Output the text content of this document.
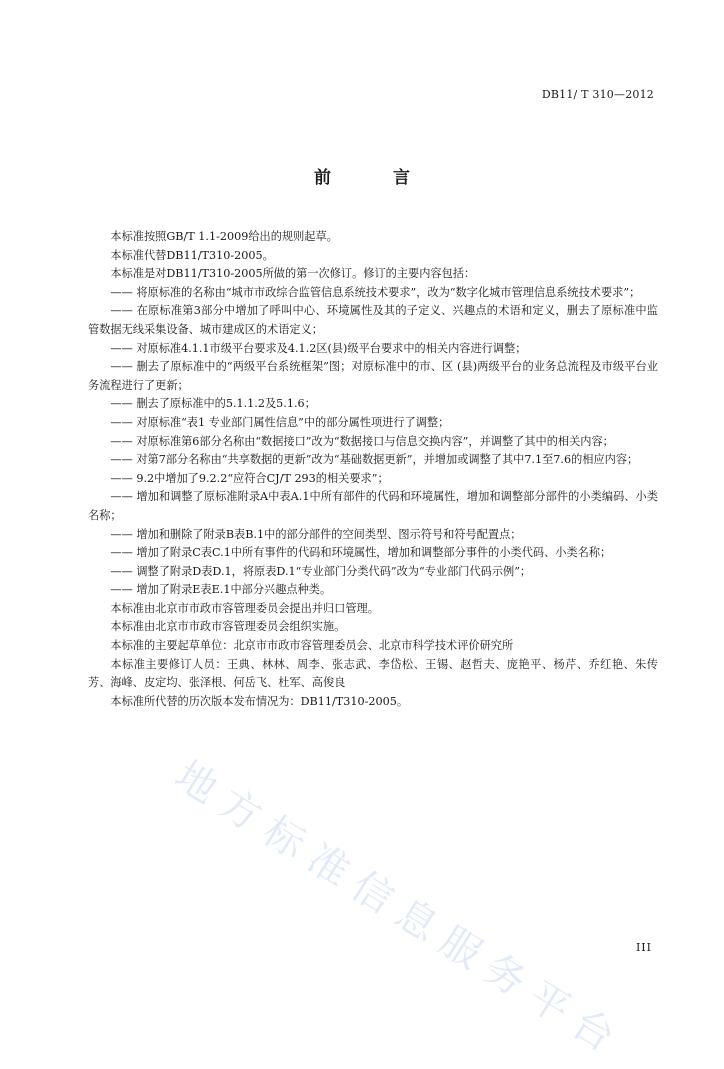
DB11/ T 310—2012
前 言

本标准按照GB/T 1.1-2009给出的规则起草。

本标准代替DB11/T310-2005。

本标准是对DB11/T310-2005所做的第一次修订。修订的主要内容包括：

—— 将原标准的名称由“城市市政综合监管信息系统技术要求”，改为“数字化城市管理信息系统技术要求”；

—— 在原标准第3部分中增加了呼叫中心、环境属性及其的子定义、兴趣点的术语和定义，删去了原标准中监管数据无线采集设备、城市建成区的术语定义；

—— 对原标准4.1.1市级平台要求及4.1.2区(县)级平台要求中的相关内容进行调整；

—— 删去了原标准中的“两级平台系统框架”图；对原标准中的市、区 (县)两级平台的业务总流程及市级平台业务流程进行了更新；

—— 删去了原标准中的5.1.1.2及5.1.6；

—— 对原标准“表1 专业部门属性信息”中的部分属性项进行了调整；

—— 对原标准第6部分名称由“数据接口”改为“数据接口与信息交换内容”，并调整了其中的相关内容；

—— 对第7部分名称由“共享数据的更新”改为“基础数据更新”，并增加或调整了其中7.1至7.6的相应内容；

—— 9.2中增加了9.2.2“应符合CJ/T 293的相关要求”；

—— 增加和调整了原标准附录A中表A.1中所有部件的代码和环境属性，增加和调整部分部件的小类编码、小类名称；

—— 增加和删除了附录B表B.1中的部分部件的空间类型、图示符号和符号配置点；

—— 增加了附录C表C.1中所有事件的代码和环境属性，增加和调整部分事件的小类代码、小类名称；

—— 调整了附录D表D.1，将原表D.1“专业部门分类代码”改为“专业部门代码示例”；

—— 增加了附录E表E.1中部分兴趣点种类。

本标准由北京市市政市容管理委员会提出并归口管理。

本标准由北京市市政市容管理委员会组织实施。

本标准的主要起草单位：北京市市政市容管理委员会、北京市科学技术评价研究所

本标准主要修订人员：王典、林林、周李、张志武、李岱松、王锡、赵哲夫、庞艳平、杨芹、乔红艳、朱传芳、海峰、皮定均、张泽根、何岳飞、杜军、高俊良

本标准所代替的历次版本发布情况为：DB11/T310-2005。

地方标准信息服务平台 III
